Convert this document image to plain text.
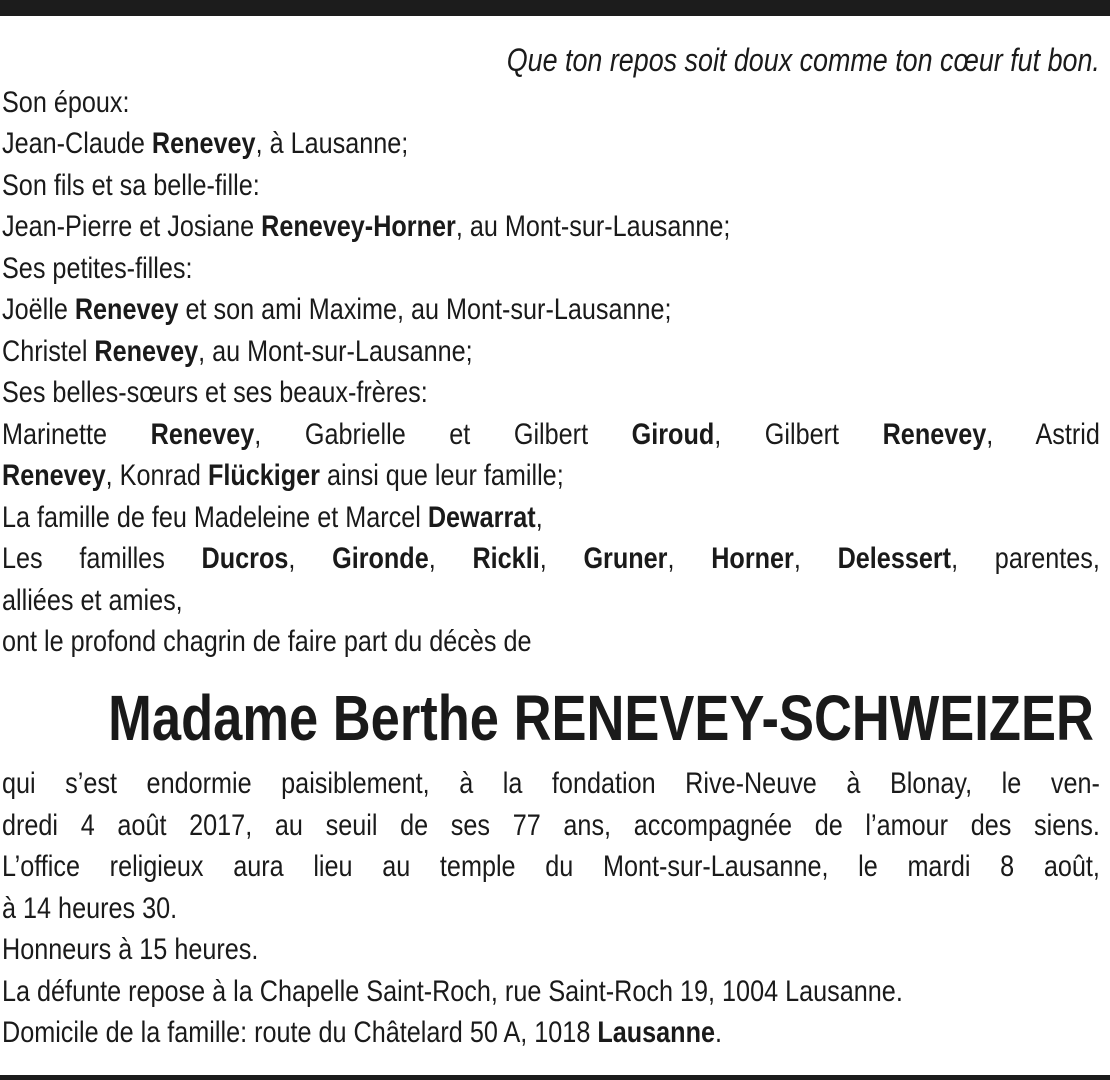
Que ton repos soit doux comme ton cœur fut bon.
Son époux:
Jean-Claude Renevey, à Lausanne;
Son fils et sa belle-fille:
Jean-Pierre et Josiane Renevey-Horner, au Mont-sur-Lausanne;
Ses petites-filles:
Joëlle Renevey et son ami Maxime, au Mont-sur-Lausanne;
Christel Renevey, au Mont-sur-Lausanne;
Ses belles-sœurs et ses beaux-frères:
Marinette Renevey, Gabrielle et Gilbert Giroud, Gilbert Renevey, Astrid
Renevey, Konrad Flückiger ainsi que leur famille;
La famille de feu Madeleine et Marcel Dewarrat,
Les familles Ducros, Gironde, Rickli, Gruner, Horner, Delessert, parentes,
alliées et amies,
ont le profond chagrin de faire part du décès de
Madame Berthe RENEVEY-SCHWEIZER
qui s’est endormie paisiblement, à la fondation Rive-Neuve à Blonay, le ven-
dredi 4 août 2017, au seuil de ses 77 ans, accompagnée de l’amour des siens.
L’office religieux aura lieu au temple du Mont-sur-Lausanne, le mardi 8 août,
à 14 heures 30.
Honneurs à 15 heures.
La défunte repose à la Chapelle Saint-Roch, rue Saint-Roch 19, 1004 Lausanne.
Domicile de la famille: route du Châtelard 50 A, 1018 Lausanne.
